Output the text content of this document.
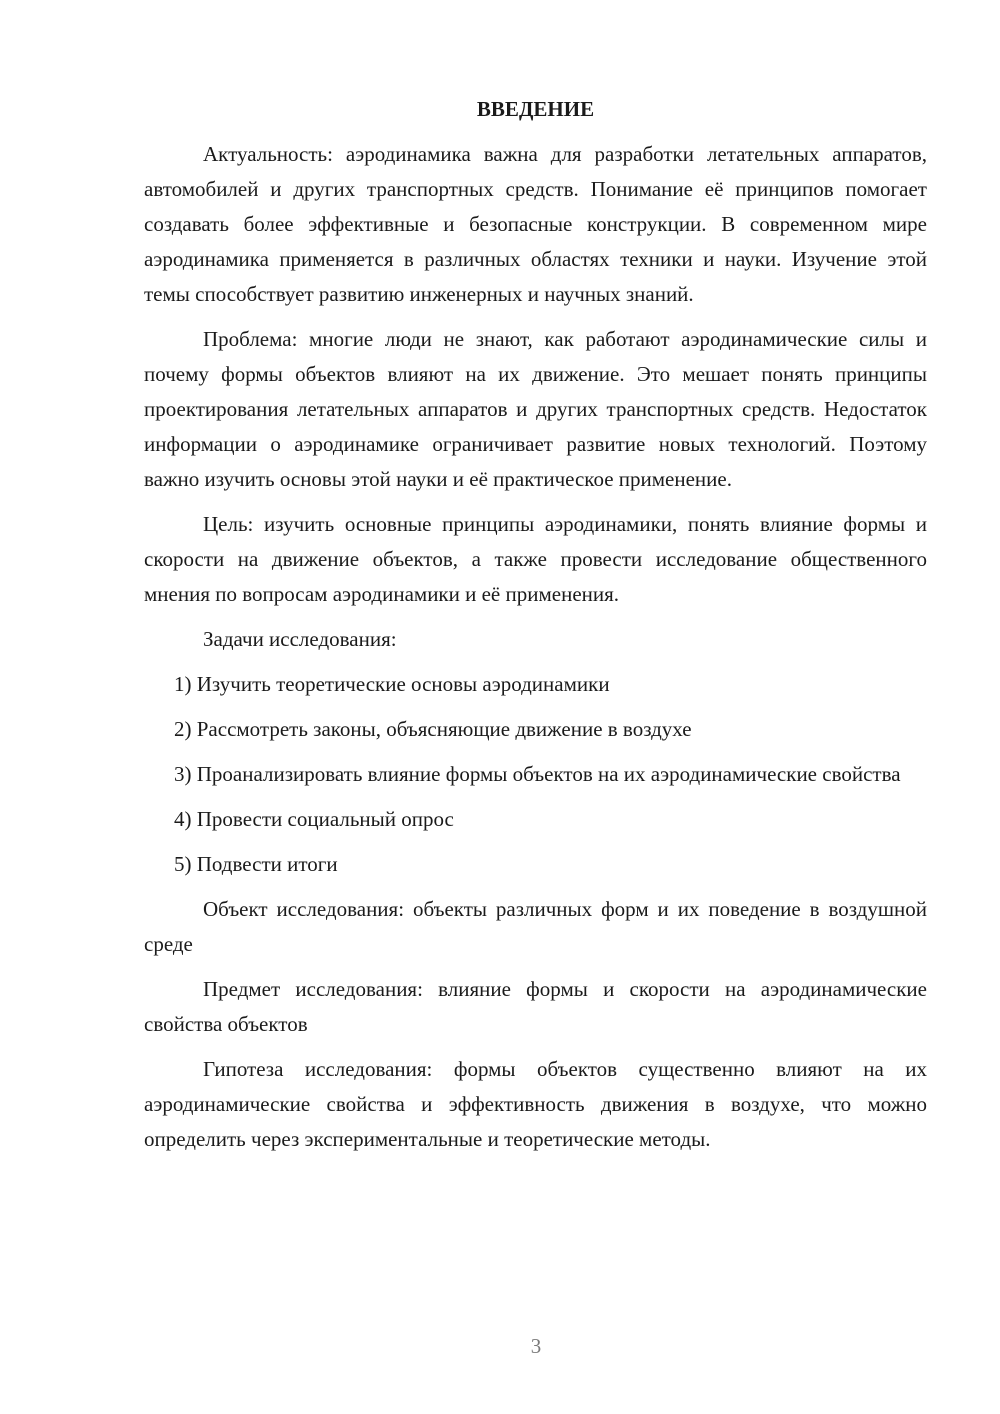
ВВЕДЕНИЕ

Актуальность: аэродинамика важна для разработки летательных аппаратов, автомобилей и других транспортных средств. Понимание её принципов помогает создавать более эффективные и безопасные конструкции. В современном мире аэродинамика применяется в различных областях техники и науки. Изучение этой темы способствует развитию инженерных и научных знаний.

Проблема: многие люди не знают, как работают аэродинамические силы и почему формы объектов влияют на их движение. Это мешает понять принципы проектирования летательных аппаратов и других транспортных средств. Недостаток информации о аэродинамике ограничивает развитие новых технологий. Поэтому важно изучить основы этой науки и её практическое применение.

Цель: изучить основные принципы аэродинамики, понять влияние формы и скорости на движение объектов, а также провести исследование общественного мнения по вопросам аэродинамики и её применения.

Задачи исследования:

1) Изучить теоретические основы аэродинамики

2) Рассмотреть законы, объясняющие движение в воздухе

3) Проанализировать влияние формы объектов на их аэродинамические свойства

4) Провести социальный опрос

5) Подвести итоги

Объект исследования: объекты различных форм и их поведение в воздушной среде

Предмет исследования: влияние формы и скорости на аэродинамические свойства объектов

Гипотеза исследования: формы объектов существенно влияют на их аэродинамические свойства и эффективность движения в воздухе, что можно определить через экспериментальные и теоретические методы.

3
